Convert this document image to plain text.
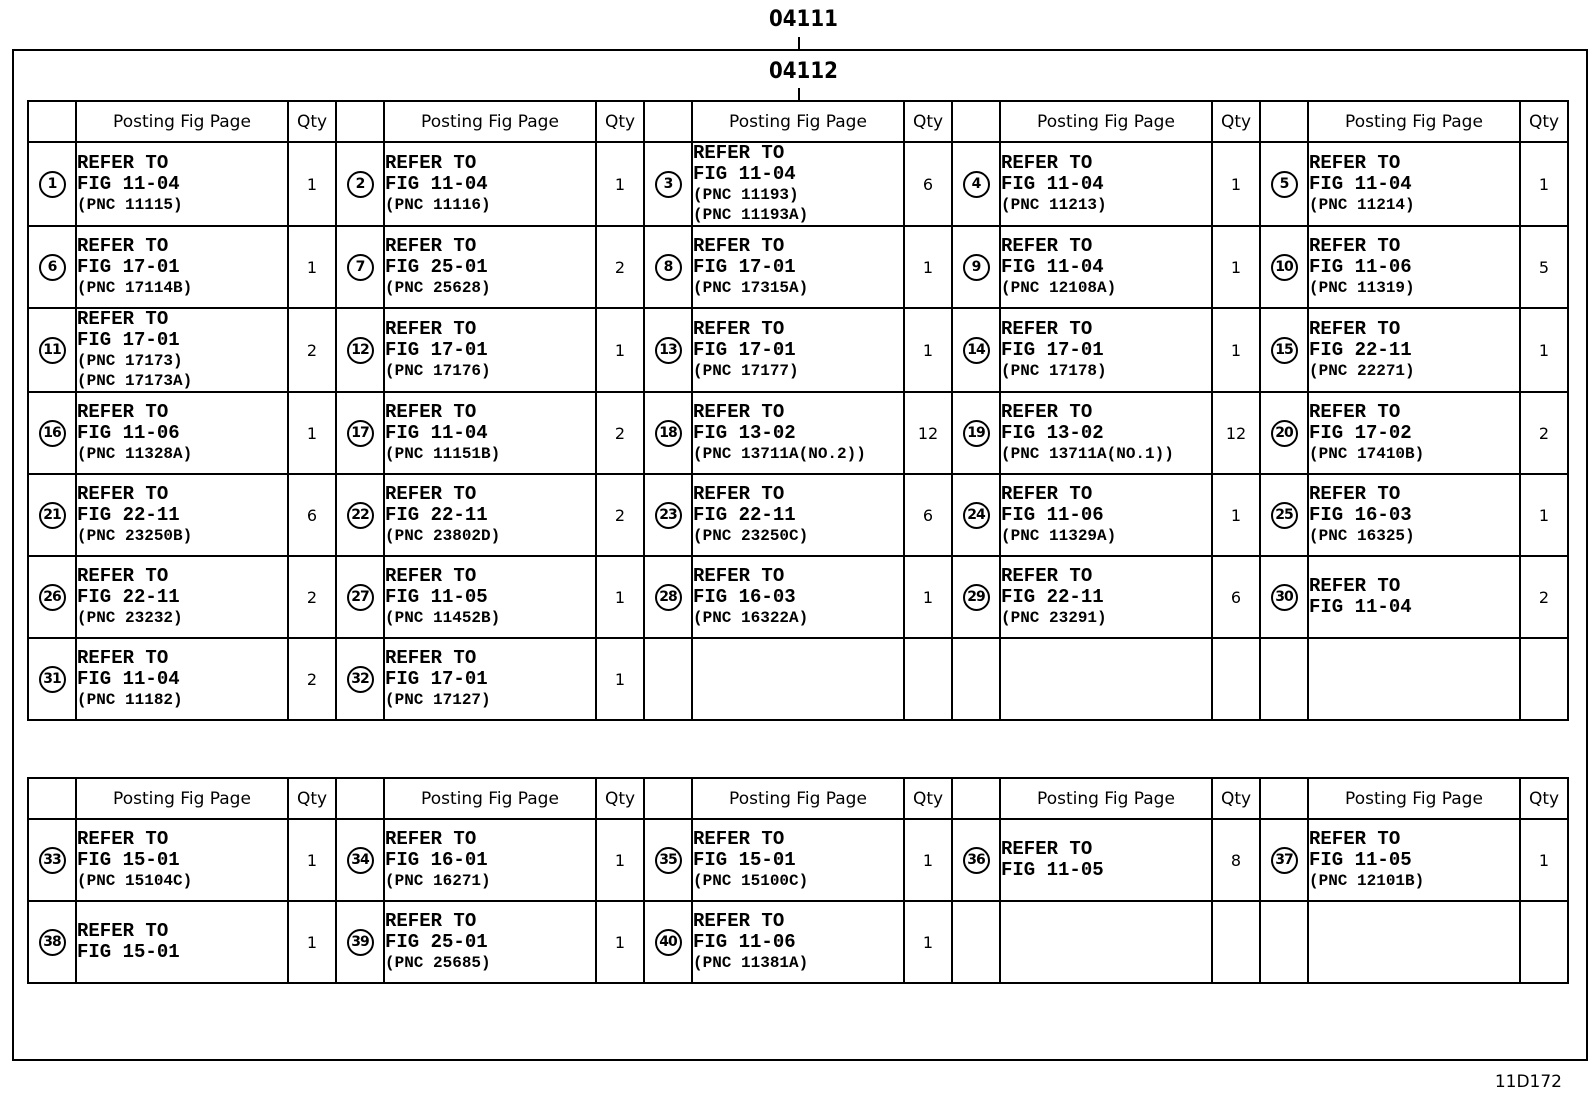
04111
04112
	Posting Fig Page	Qty		Posting Fig Page	Qty		Posting Fig Page	Qty		Posting Fig Page	Qty		Posting Fig Page	Qty
1	REFER TO
FIG 11-04
(PNC 11115)	1	2	REFER TO
FIG 11-04
(PNC 11116)	1	3	REFER TO
FIG 11-04
(PNC 11193)
(PNC 11193A)	6	4	REFER TO
FIG 11-04
(PNC 11213)	1	5	REFER TO
FIG 11-04
(PNC 11214)	1
6	REFER TO
FIG 17-01
(PNC 17114B)	1	7	REFER TO
FIG 25-01
(PNC 25628)	2	8	REFER TO
FIG 17-01
(PNC 17315A)	1	9	REFER TO
FIG 11-04
(PNC 12108A)	1	10	REFER TO
FIG 11-06
(PNC 11319)	5
11	REFER TO
FIG 17-01
(PNC 17173)
(PNC 17173A)	2	12	REFER TO
FIG 17-01
(PNC 17176)	1	13	REFER TO
FIG 17-01
(PNC 17177)	1	14	REFER TO
FIG 17-01
(PNC 17178)	1	15	REFER TO
FIG 22-11
(PNC 22271)	1
16	REFER TO
FIG 11-06
(PNC 11328A)	1	17	REFER TO
FIG 11-04
(PNC 11151B)	2	18	REFER TO
FIG 13-02
(PNC 13711A(NO.2))	12	19	REFER TO
FIG 13-02
(PNC 13711A(NO.1))	12	20	REFER TO
FIG 17-02
(PNC 17410B)	2
21	REFER TO
FIG 22-11
(PNC 23250B)	6	22	REFER TO
FIG 22-11
(PNC 23802D)	2	23	REFER TO
FIG 22-11
(PNC 23250C)	6	24	REFER TO
FIG 11-06
(PNC 11329A)	1	25	REFER TO
FIG 16-03
(PNC 16325)	1
26	REFER TO
FIG 22-11
(PNC 23232)	2	27	REFER TO
FIG 11-05
(PNC 11452B)	1	28	REFER TO
FIG 16-03
(PNC 16322A)	1	29	REFER TO
FIG 22-11
(PNC 23291)	6	30	REFER TO
FIG 11-04	2
31	REFER TO
FIG 11-04
(PNC 11182)	2	32	REFER TO
FIG 17-01
(PNC 17127)	1									
	Posting Fig Page	Qty		Posting Fig Page	Qty		Posting Fig Page	Qty		Posting Fig Page	Qty		Posting Fig Page	Qty
33	REFER TO
FIG 15-01
(PNC 15104C)	1	34	REFER TO
FIG 16-01
(PNC 16271)	1	35	REFER TO
FIG 15-01
(PNC 15100C)	1	36	REFER TO
FIG 11-05	8	37	REFER TO
FIG 11-05
(PNC 12101B)	1
38	REFER TO
FIG 15-01	1	39	REFER TO
FIG 25-01
(PNC 25685)	1	40	REFER TO
FIG 11-06
(PNC 11381A)	1						
11D172
